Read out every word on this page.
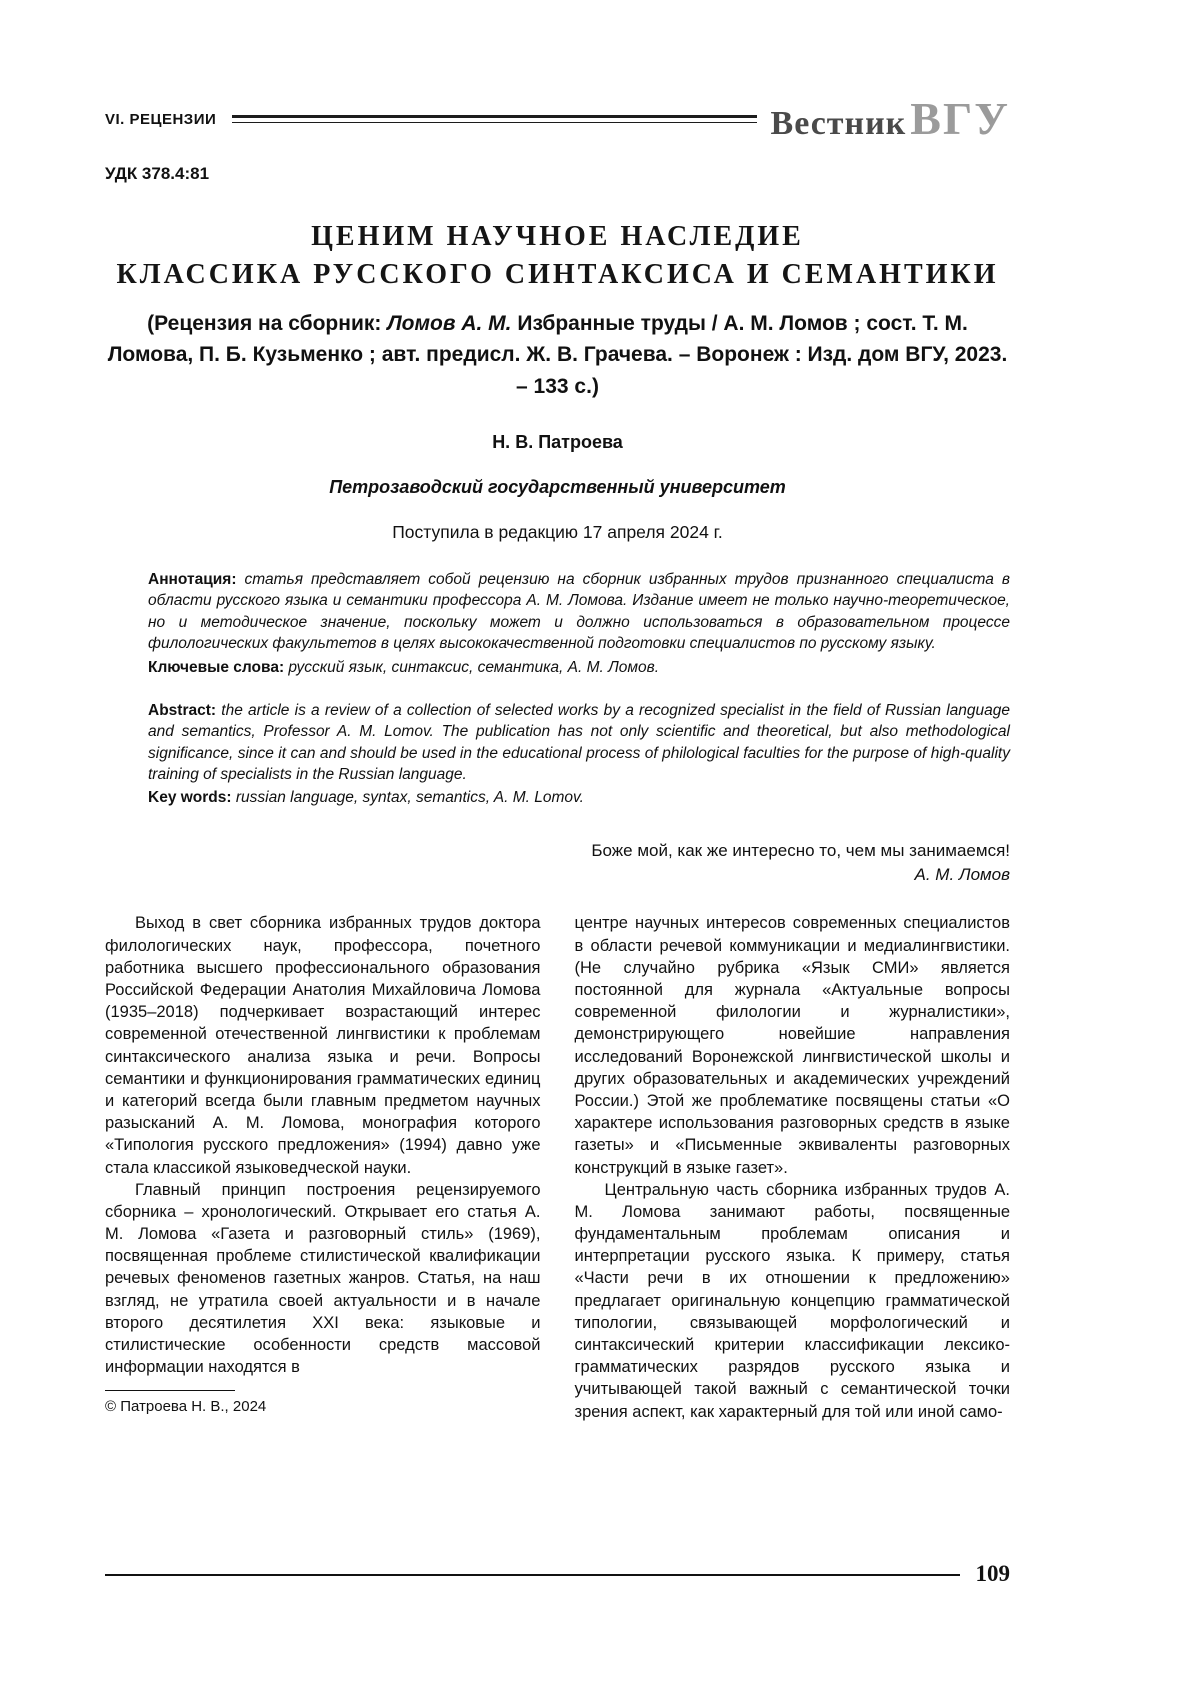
VI. РЕЦЕНЗИИ	Вестник ВГУ
УДК 378.4:81
ЦЕНИМ НАУЧНОЕ НАСЛЕДИЕ
КЛАССИКА РУССКОГО СИНТАКСИСА И СЕМАНТИКИ
(Рецензия на сборник: Ломов А. М. Избранные труды / А. М. Ломов ; сост. Т. М. Ломова, П. Б. Кузьменко ; авт. предисл. Ж. В. Грачева. – Воронеж : Изд. дом ВГУ, 2023. – 133 с.)
Н. В. Патроева
Петрозаводский государственный университет
Поступила в редакцию 17 апреля 2024 г.
Аннотация: статья представляет собой рецензию на сборник избранных трудов признанного специалиста в области русского языка и семантики профессора А. М. Ломова. Издание имеет не только научно-теоретическое, но и методическое значение, поскольку может и должно использоваться в образовательном процессе филологических факультетов в целях высококачественной подготовки специалистов по русскому языку.
Ключевые слова: русский язык, синтаксис, семантика, А. М. Ломов.
Abstract: the article is a review of a collection of selected works by a recognized specialist in the field of Russian language and semantics, Professor A. M. Lomov. The publication has not only scientific and theoretical, but also methodological significance, since it can and should be used in the educational process of philological faculties for the purpose of high-quality training of specialists in the Russian language.
Key words: russian language, syntax, semantics, A. M. Lomov.
Боже мой, как же интересно то, чем мы занимаемся!
А. М. Ломов

Выход в свет сборника избранных трудов доктора филологических наук, профессора, почетного работника высшего профессионального образования Российской Федерации Анатолия Михайловича Ломова (1935–2018) подчеркивает возрастающий интерес современной отечественной лингвистики к проблемам синтаксического анализа языка и речи. Вопросы семантики и функционирования грамматических единиц и категорий всегда были главным предметом научных разысканий А. М. Ломова, монография которого «Типология русского предложения» (1994) давно уже стала классикой языковедческой науки.

Главный принцип построения рецензируемого сборника – хронологический. Открывает его статья А. М. Ломова «Газета и разговорный стиль» (1969), посвященная проблеме стилистической квалификации речевых феноменов газетных жанров. Статья, на наш взгляд, не утратила своей актуальности и в начале второго десятилетия XXI века: языковые и стилистические особенности средств массовой информации находятся в

© Патроева Н. В., 2024

центре научных интересов современных специалистов в области речевой коммуникации и медиалингвистики. (Не случайно рубрика «Язык СМИ» является постоянной для журнала «Актуальные вопросы современной филологии и журналистики», демонстрирующего новейшие направления исследований Воронежской лингвистической школы и других образовательных и академических учреждений России.) Этой же проблематике посвящены статьи «О характере использования разговорных средств в языке газеты» и «Письменные эквиваленты разговорных конструкций в языке газет».

Центральную часть сборника избранных трудов А. М. Ломова занимают работы, посвященные фундаментальным проблемам описания и интерпретации русского языка. К примеру, статья «Части речи в их отношении к предложению» предлагает оригинальную концепцию грамматической типологии, связывающей морфологический и синтаксический критерии классификации лексико-грамматических разрядов русского языка и учитывающей такой важный с семантической точки зрения аспект, как характерный для той или иной само-

109
